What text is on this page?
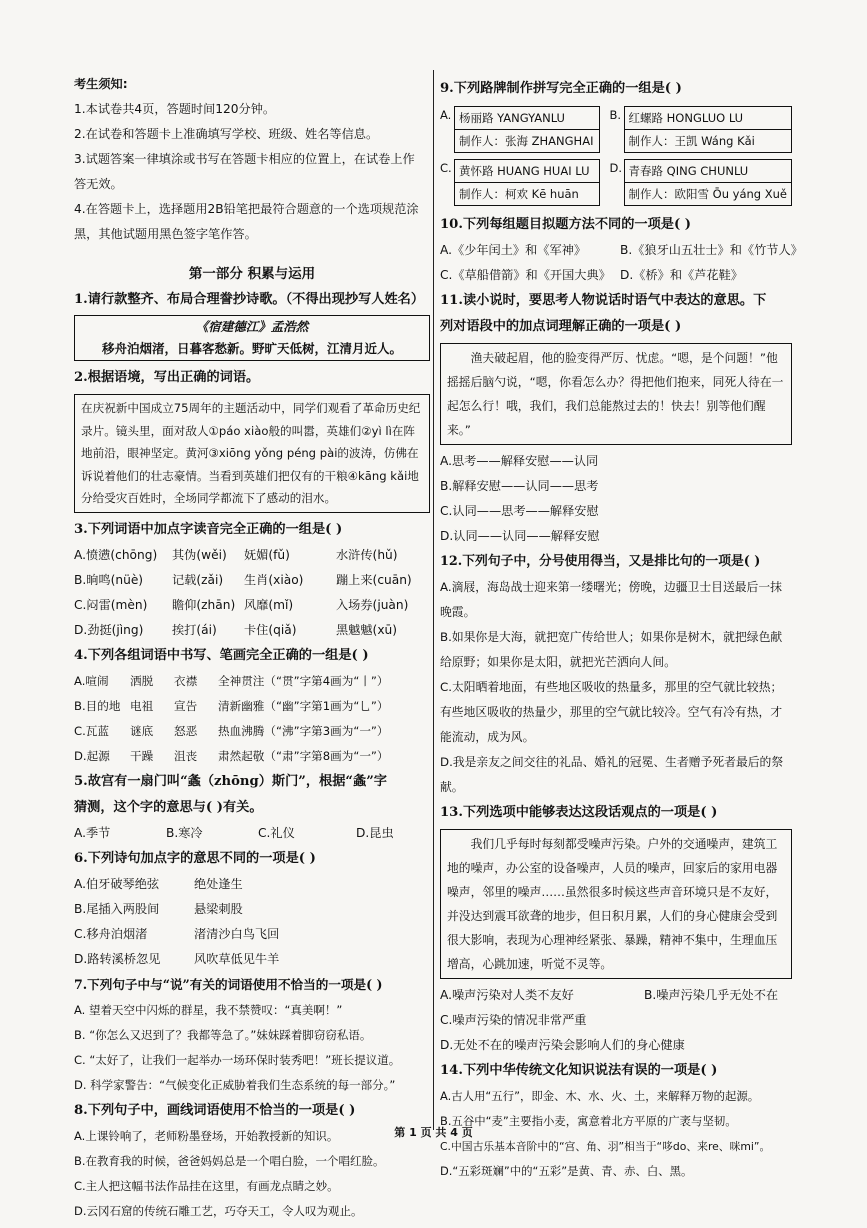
考生须知:
1.本试卷共4页，答题时间120分钟。
2.在试卷和答题卡上准确填写学校、班级、姓名等信息。
3.试题答案一律填涂或书写在答题卡相应的位置上，在试卷上作
答无效。
4.在答题卡上，选择题用2B铅笔把最符合题意的一个选项规范涂
黑，其他试题用黑色签字笔作答。
第一部分 积累与运用
1.请行款整齐、布局合理誊抄诗歌。（不得出现抄写人姓名）
《宿建德江》孟浩然
移舟泊烟渚，日暮客愁新。野旷天低树，江清月近人。
2.根据语境，写出正确的词语。
在庆祝新中国成立75周年的主题活动中，同学们观看了革命历史纪录片。镜头里，面对敌人①páo xiào般的叫嚣，英雄们②yì lì在阵地前沿，眼神坚定。黄河③xiōng yǒng péng pài的波涛，仿佛在诉说着他们的壮志豪情。当看到英雄们把仅有的干粮④kāng kǎi地分给受灾百姓时，全场同学都流下了感动的泪水。
3.下列词语中加点字读音完全正确的一组是( )
A.愤懑(chōng)	其伪(wěi)	妩媚(fǔ)	水浒传(hǔ)
B.晌鸣(nüè)	记载(zǎi)	生肖(xiào)	蹦上来(cuān)
C.闷雷(mèn)	瞻仰(zhān) 风靡(mǐ)	入场券(juàn)
D.劲挺(jìng)	挨打(ái)	卡住(qiǎ)	黑魆魆(xū)
4.下列各组词语中书写、笔画完全正确的一组是( )
A.喧闹	洒脱	衣襟	全神贯注（“贯”字第4画为“丨”）
B.目的地 电祖	宣告	清新幽雅（“幽”字第1画为“乚”）
C.瓦蓝	谜底	怒恶	热血沸腾（“沸”字第3画为“一”）
D.起源	干躁	沮丧	肃然起敬（“肃”字第8画为“一”）
5.故宫有一扇门叫“螽（zhōng）斯门”，根据“螽”字
猜测，这个字的意思与( )有关。
A.季节	B.寒冷	C.礼仪	D.昆虫
6.下列诗句加点字的意思不同的一项是( )
A.伯牙破琴绝弦	绝处逢生
B.尾插入两股间	悬梁刺股
C.移舟泊烟渚	渚清沙白鸟飞回
D.路转溪桥忽见	风吹草低见牛羊
7.下列句子中与“说”有关的词语使用不恰当的一项是( )
A. 望着天空中闪烁的群星，我不禁赞叹：“真美啊！”
B. “你怎么又迟到了？我都等急了。”妹妹踩着脚窃窃私语。
C. “太好了，让我们一起举办一场环保时装秀吧！”班长提议道。
D. 科学家警告：“气候变化正威胁着我们生态系统的每一部分。”
8.下列句子中，画线词语使用不恰当的一项是( )
A.上课铃响了，老师粉墨登场，开始教授新的知识。
B.在教育我的时候，爸爸妈妈总是一个唱白脸，一个唱红脸。
C.主人把这幅书法作品挂在这里，有画龙点睛之妙。
D.云冈石窟的传统石雕工艺，巧夺天工，令人叹为观止。
9.下列路牌制作拼写完全正确的一组是( )
A. 杨丽路 YANGYANLU
制作人：张海 ZHANGHAI
B. 红螺路 HONGLUO LU
制作人：王凯 Wáng Kǎi
C. 黄怀路 HUANG HUAI LU
制作人：柯欢 Kē huān
D. 青春路 QING CHUNLU
制作人：欧阳雪 Ōu yáng Xuě
10.下列每组题目拟题方法不同的一项是( )
A.《少年闰土》和《军神》	B.《狼牙山五壮士》和《竹节人》
C.《草船借箭》和《开国大典》 D.《桥》和《芦花鞋》
11.读小说时，要思考人物说话时语气中表达的意思。下
列对语段中的加点词理解正确的一项是( )
渔夫破起眉，他的脸变得严厉、忧虑。“嗯，是个问题！”他摇摇后脑勺说，“嗯，你看怎么办？得把他们抱来，同死人待在一起怎么行！哦，我们，我们总能熬过去的！快去！别等他们醒来。”
A.思考——解释安慰——认同
B.解释安慰——认同——思考
C.认同——思考——解释安慰
D.认同——认同——解释安慰
12.下列句子中，分号使用得当，又是排比句的一项是( )
A.滴屐，海岛战士迎来第一缕曙光；傍晚，边疆卫士目送最后一抹晚霞。
B.如果你是大海，就把宽广传给世人；如果你是树木，就把绿色献给原野；如果你是太阳，就把光芒洒向人间。
C.太阳晒着地面，有些地区吸收的热量多，那里的空气就比较热；有些地区吸收的热量少，那里的空气就比较冷。空气有冷有热，才能流动，成为风。
D.我是亲友之间交往的礼品、婚礼的冠冕、生者赠予死者最后的祭献。
13.下列选项中能够表达这段话观点的一项是( )
我们几乎每时每刻都受噪声污染。户外的交通噪声，建筑工地的噪声，办公室的设备噪声，人员的噪声，回家后的家用电器噪声，邻里的噪声……虽然很多时候这些声音环境只是不友好，并没达到震耳欲聋的地步，但日积月累，人们的身心健康会受到很大影响，表现为心理神经紧张、暴躁，精神不集中，生理血压增高，心跳加速，听觉不灵等。
A.噪声污染对人类不友好	B.噪声污染几乎无处不在
C.噪声污染的情况非常严重
D.无处不在的噪声污染会影响人们的身心健康
14.下列中华传统文化知识说法有误的一项是( )
A.古人用“五行”，即金、木、水、火、土，来解释万物的起源。
B.五谷中“麦”主要指小麦，寓意着北方平原的广袤与坚韧。
C.中国古乐基本音阶中的“宫、角、羽”相当于“哆do、来re、咪mi”。
D.“五彩斑斓”中的“五彩”是黄、青、赤、白、黑。
第 1 页 共 4 页
